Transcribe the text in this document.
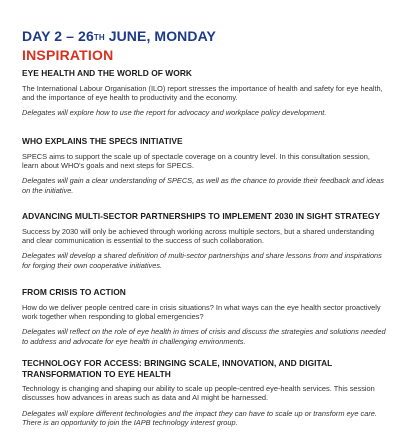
DAY 2 – 26TH JUNE, MONDAY
INSPIRATION
EYE HEALTH AND THE WORLD OF WORK

The International Labour Organisation (ILO) report stresses the importance of health and safety for eye health, and the importance of eye health to productivity and the economy.

Delegates will explore how to use the report for advocacy and workplace policy development.

WHO EXPLAINS THE SPECS INITIATIVE

SPECS aims to support the scale up of spectacle coverage on a country level. In this consultation session, learn about WHO's goals and next steps for SPECS.

Delegates will gain a clear understanding of SPECS, as well as the chance to provide their feedback and ideas on the initiative.

ADVANCING MULTI-SECTOR PARTNERSHIPS TO IMPLEMENT 2030 IN SIGHT STRATEGY

Success by 2030 will only be achieved through working across multiple sectors, but a shared understanding and clear communication is essential to the success of such collaboration.

Delegates will develop a shared definition of multi-sector partnerships and share lessons from and inspirations for forging their own cooperative initiatives.

FROM CRISIS TO ACTION

How do we deliver people centred care in crisis situations? In what ways can the eye health sector proactively work together when responding to global emergencies?

Delegates will reflect on the role of eye health in times of crisis and discuss the strategies and solutions needed to address and advocate for eye health in challenging environments.

TECHNOLOGY FOR ACCESS: BRINGING SCALE, INNOVATION, AND DIGITAL TRANSFORMATION TO EYE HEALTH

Technology is changing and shaping our ability to scale up people-centred eye-health services. This session discusses how advances in areas such as data and AI might be harnessed.

Delegates will explore different technologies and the impact they can have to scale up or transform eye care. There is an opportunity to join the IAPB technology interest group.
